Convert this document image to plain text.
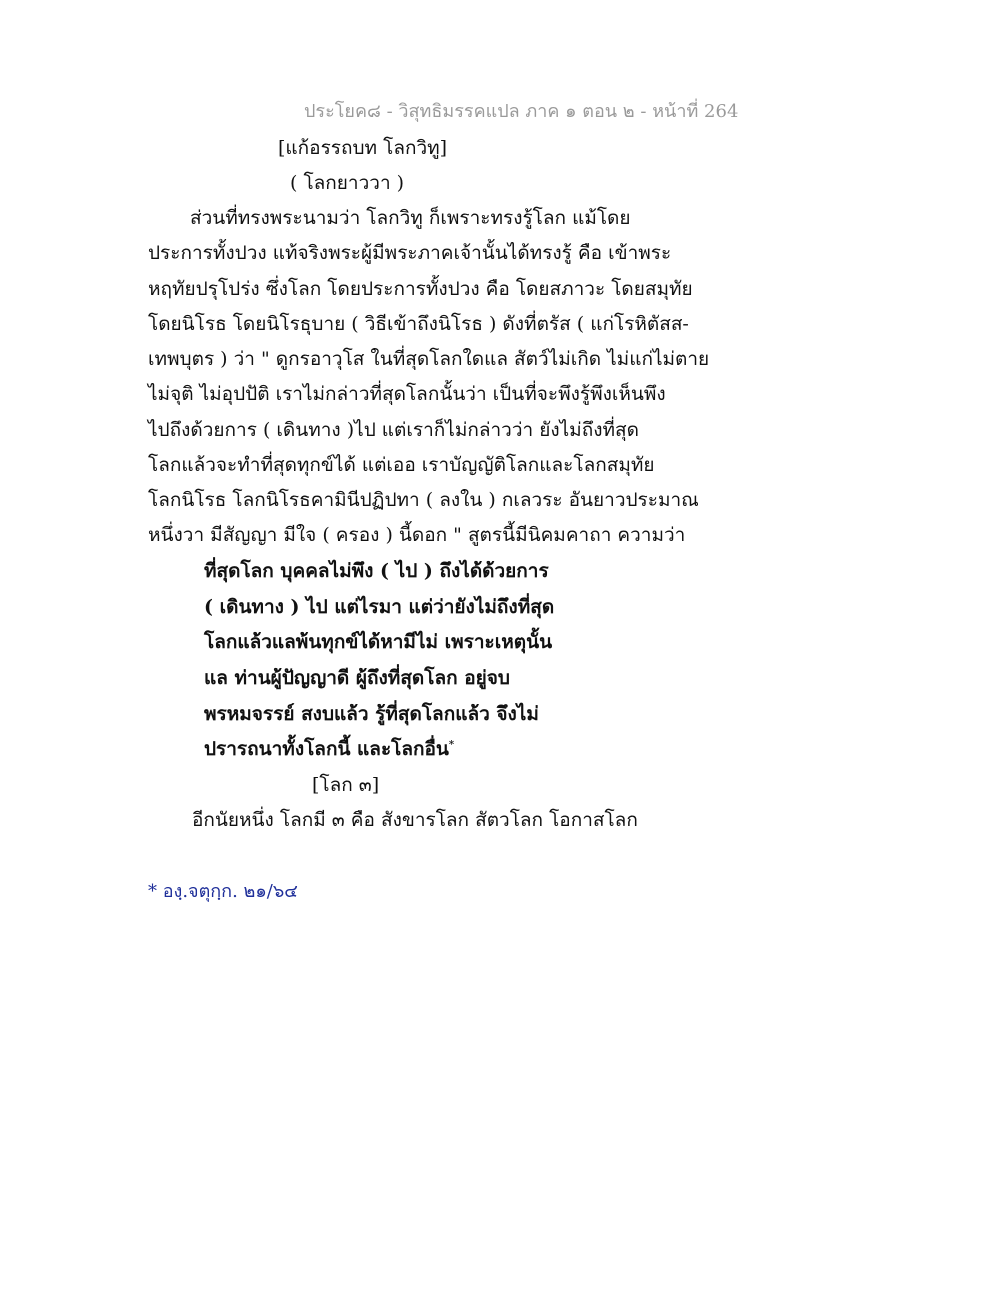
ประโยค๘ - วิสุทธิมรรคแปล ภาค ๑ ตอน ๒ - หน้าที่ 264
[แก้อรรถบท โลกวิทู]
( โลกยาววา )
ส่วนที่ทรงพระนามว่า โลกวิทู ก็เพราะทรงรู้โลก แม้โดย
ประการทั้งปวง แท้จริงพระผู้มีพระภาคเจ้านั้นได้ทรงรู้ คือ เข้าพระ
หฤทัยปรุโปร่ง ซึ่งโลก โดยประการทั้งปวง คือ โดยสภาวะ โดยสมุทัย
โดยนิโรธ โดยนิโรธุบาย ( วิธีเข้าถึงนิโรธ ) ดังที่ตรัส ( แก่โรหิตัสส-
เทพบุตร ) ว่า " ดูกรอาวุโส ในที่สุดโลกใดแล สัตว์ไม่เกิด ไม่แก่ไม่ตาย
ไม่จุติ ไม่อุปปัติ เราไม่กล่าวที่สุดโลกนั้นว่า เป็นที่จะพึงรู้พึงเห็นพึง
ไปถึงด้วยการ ( เดินทาง )ไป แต่เราก็ไม่กล่าวว่า ยังไม่ถึงที่สุด
โลกแล้วจะทำที่สุดทุกข์ได้ แต่เออ เราบัญญัติโลกและโลกสมุทัย
โลกนิโรธ โลกนิโรธคามินีปฏิปทา ( ลงใน ) กเลวระ อันยาวประมาณ
หนึ่งวา มีสัญญา มีใจ ( ครอง ) นี้ดอก " สูตรนี้มีนิคมคาถา ความว่า
ที่สุดโลก บุคคลไม่พึง ( ไป ) ถึงได้ด้วยการ
( เดินทาง ) ไป แต่ไรมา แต่ว่ายังไม่ถึงที่สุด
โลกแล้วแลพ้นทุกข์ได้หามีไม่ เพราะเหตุนั้น
แล ท่านผู้ปัญญาดี ผู้ถึงที่สุดโลก อยู่จบ
พรหมจรรย์ สงบแล้ว รู้ที่สุดโลกแล้ว จึงไม่
ปรารถนาทั้งโลกนี้ และโลกอื่น*
[โลก ๓]
อีกนัยหนึ่ง โลกมี ๓ คือ สังขารโลก สัตวโลก โอกาสโลก
* องฺ.จตุกฺก. ๒๑/๖๔
